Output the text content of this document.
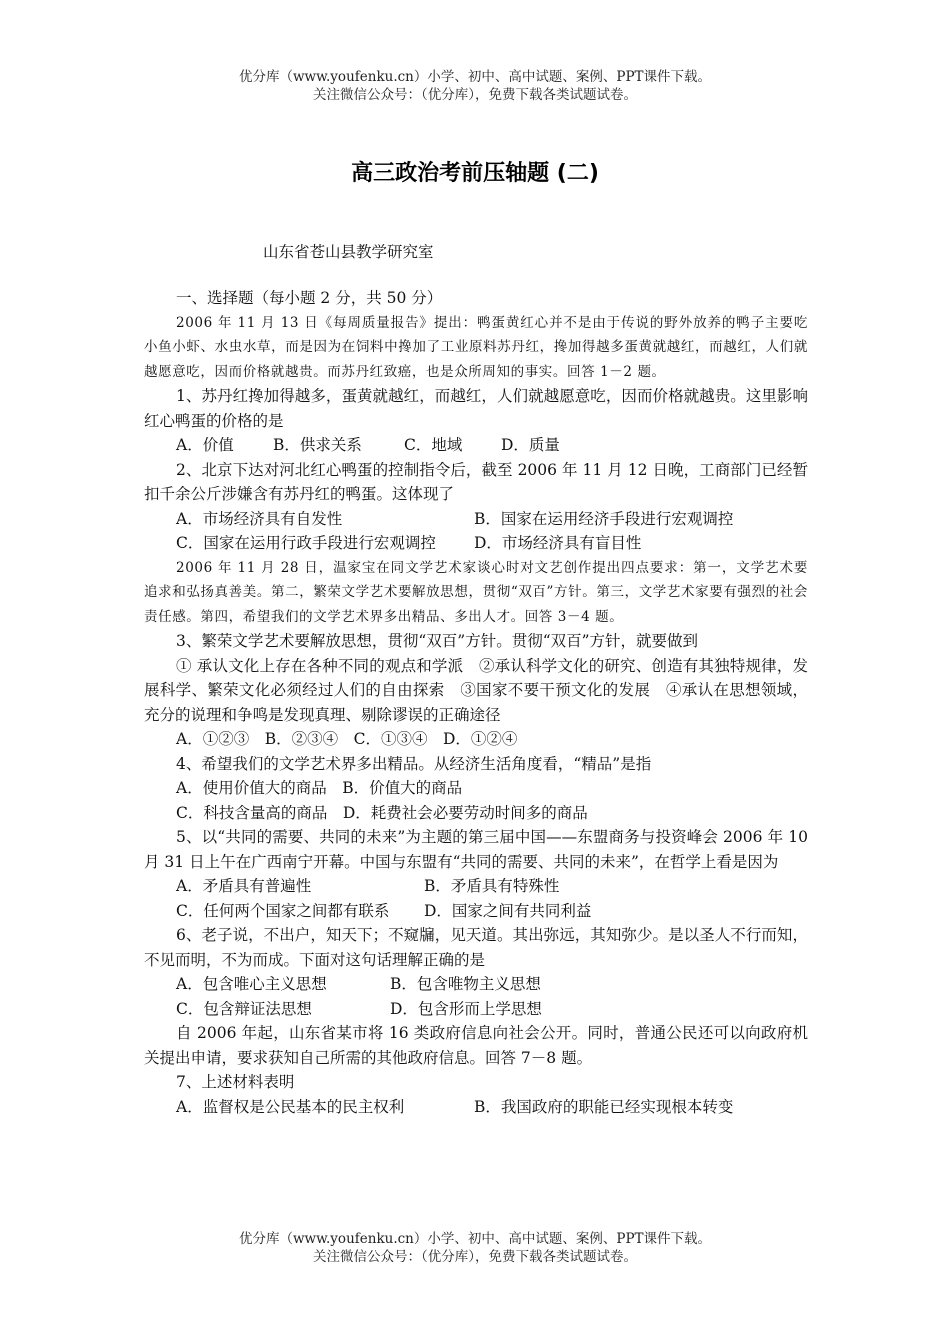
优分库（www.youfenku.cn）小学、初中、高中试题、案例、PPT课件下载。
关注微信公众号：（优分库），免费下载各类试题试卷。
高三政治考前压轴题 (二)
山东省苍山县教学研究室

一、选择题（每小题 2 分，共 50 分）

2006 年 11 月 13 日《每周质量报告》提出：鸭蛋黄红心并不是由于传说的野外放养的鸭子主要吃小鱼小虾、水虫水草，而是因为在饲料中搀加了工业原料苏丹红，搀加得越多蛋黄就越红，而越红，人们就越愿意吃，因而价格就越贵。而苏丹红致癌，也是众所周知的事实。回答 1－2 题。

1、苏丹红搀加得越多，蛋黄就越红，而越红，人们就越愿意吃，因而价格就越贵。这里影响红心鸭蛋的价格的是

A．价值	B．供求关系	C．地域	D．质量

2、北京下达对河北红心鸭蛋的控制指令后，截至 2006 年 11 月 12 日晚，工商部门已经暂扣千余公斤涉嫌含有苏丹红的鸭蛋。这体现了

A．市场经济具有自发性	B．国家在运用经济手段进行宏观调控
C．国家在运用行政手段进行宏观调控	D．市场经济具有盲目性

2006 年 11 月 28 日，温家宝在同文学艺术家谈心时对文艺创作提出四点要求：第一，文学艺术要追求和弘扬真善美。第二，繁荣文学艺术要解放思想，贯彻“双百”方针。第三，文学艺术家要有强烈的社会责任感。第四，希望我们的文学艺术界多出精品、多出人才。回答 3－4 题。

3、繁荣文学艺术要解放思想，贯彻“双百”方针。贯彻“双百”方针，就要做到

① 承认文化上存在各种不同的观点和学派　②承认科学文化的研究、创造有其独特规律，发展科学、繁荣文化必须经过人们的自由探索　③国家不要干预文化的发展　④承认在思想领域，充分的说理和争鸣是发现真理、剔除谬误的正确途径

A．①②③　B．②③④　C．①③④　D．①②④

4、希望我们的文学艺术界多出精品。从经济生活角度看，“精品”是指

A．使用价值大的商品　B．价值大的商品

C．科技含量高的商品　D．耗费社会必要劳动时间多的商品

5、以“共同的需要、共同的未来”为主题的第三届中国——东盟商务与投资峰会 2006 年 10 月 31 日上午在广西南宁开幕。中国与东盟有“共同的需要、共同的未来”，在哲学上看是因为

A．矛盾具有普遍性	B．矛盾具有特殊性
C．任何两个国家之间都有联系	D．国家之间有共同利益

6、老子说，不出户，知天下；不窥牖，见天道。其出弥远，其知弥少。是以圣人不行而知，不见而明，不为而成。下面对这句话理解正确的是

A．包含唯心主义思想	B．包含唯物主义思想
C．包含辩证法思想	D．包含形而上学思想

自 2006 年起，山东省某市将 16 类政府信息向社会公开。同时，普通公民还可以向政府机关提出申请，要求获知自己所需的其他政府信息。回答 7－8 题。

7、上述材料表明

A．监督权是公民基本的民主权利	B．我国政府的职能已经实现根本转变
优分库（www.youfenku.cn）小学、初中、高中试题、案例、PPT课件下载。
关注微信公众号：（优分库），免费下载各类试题试卷。
